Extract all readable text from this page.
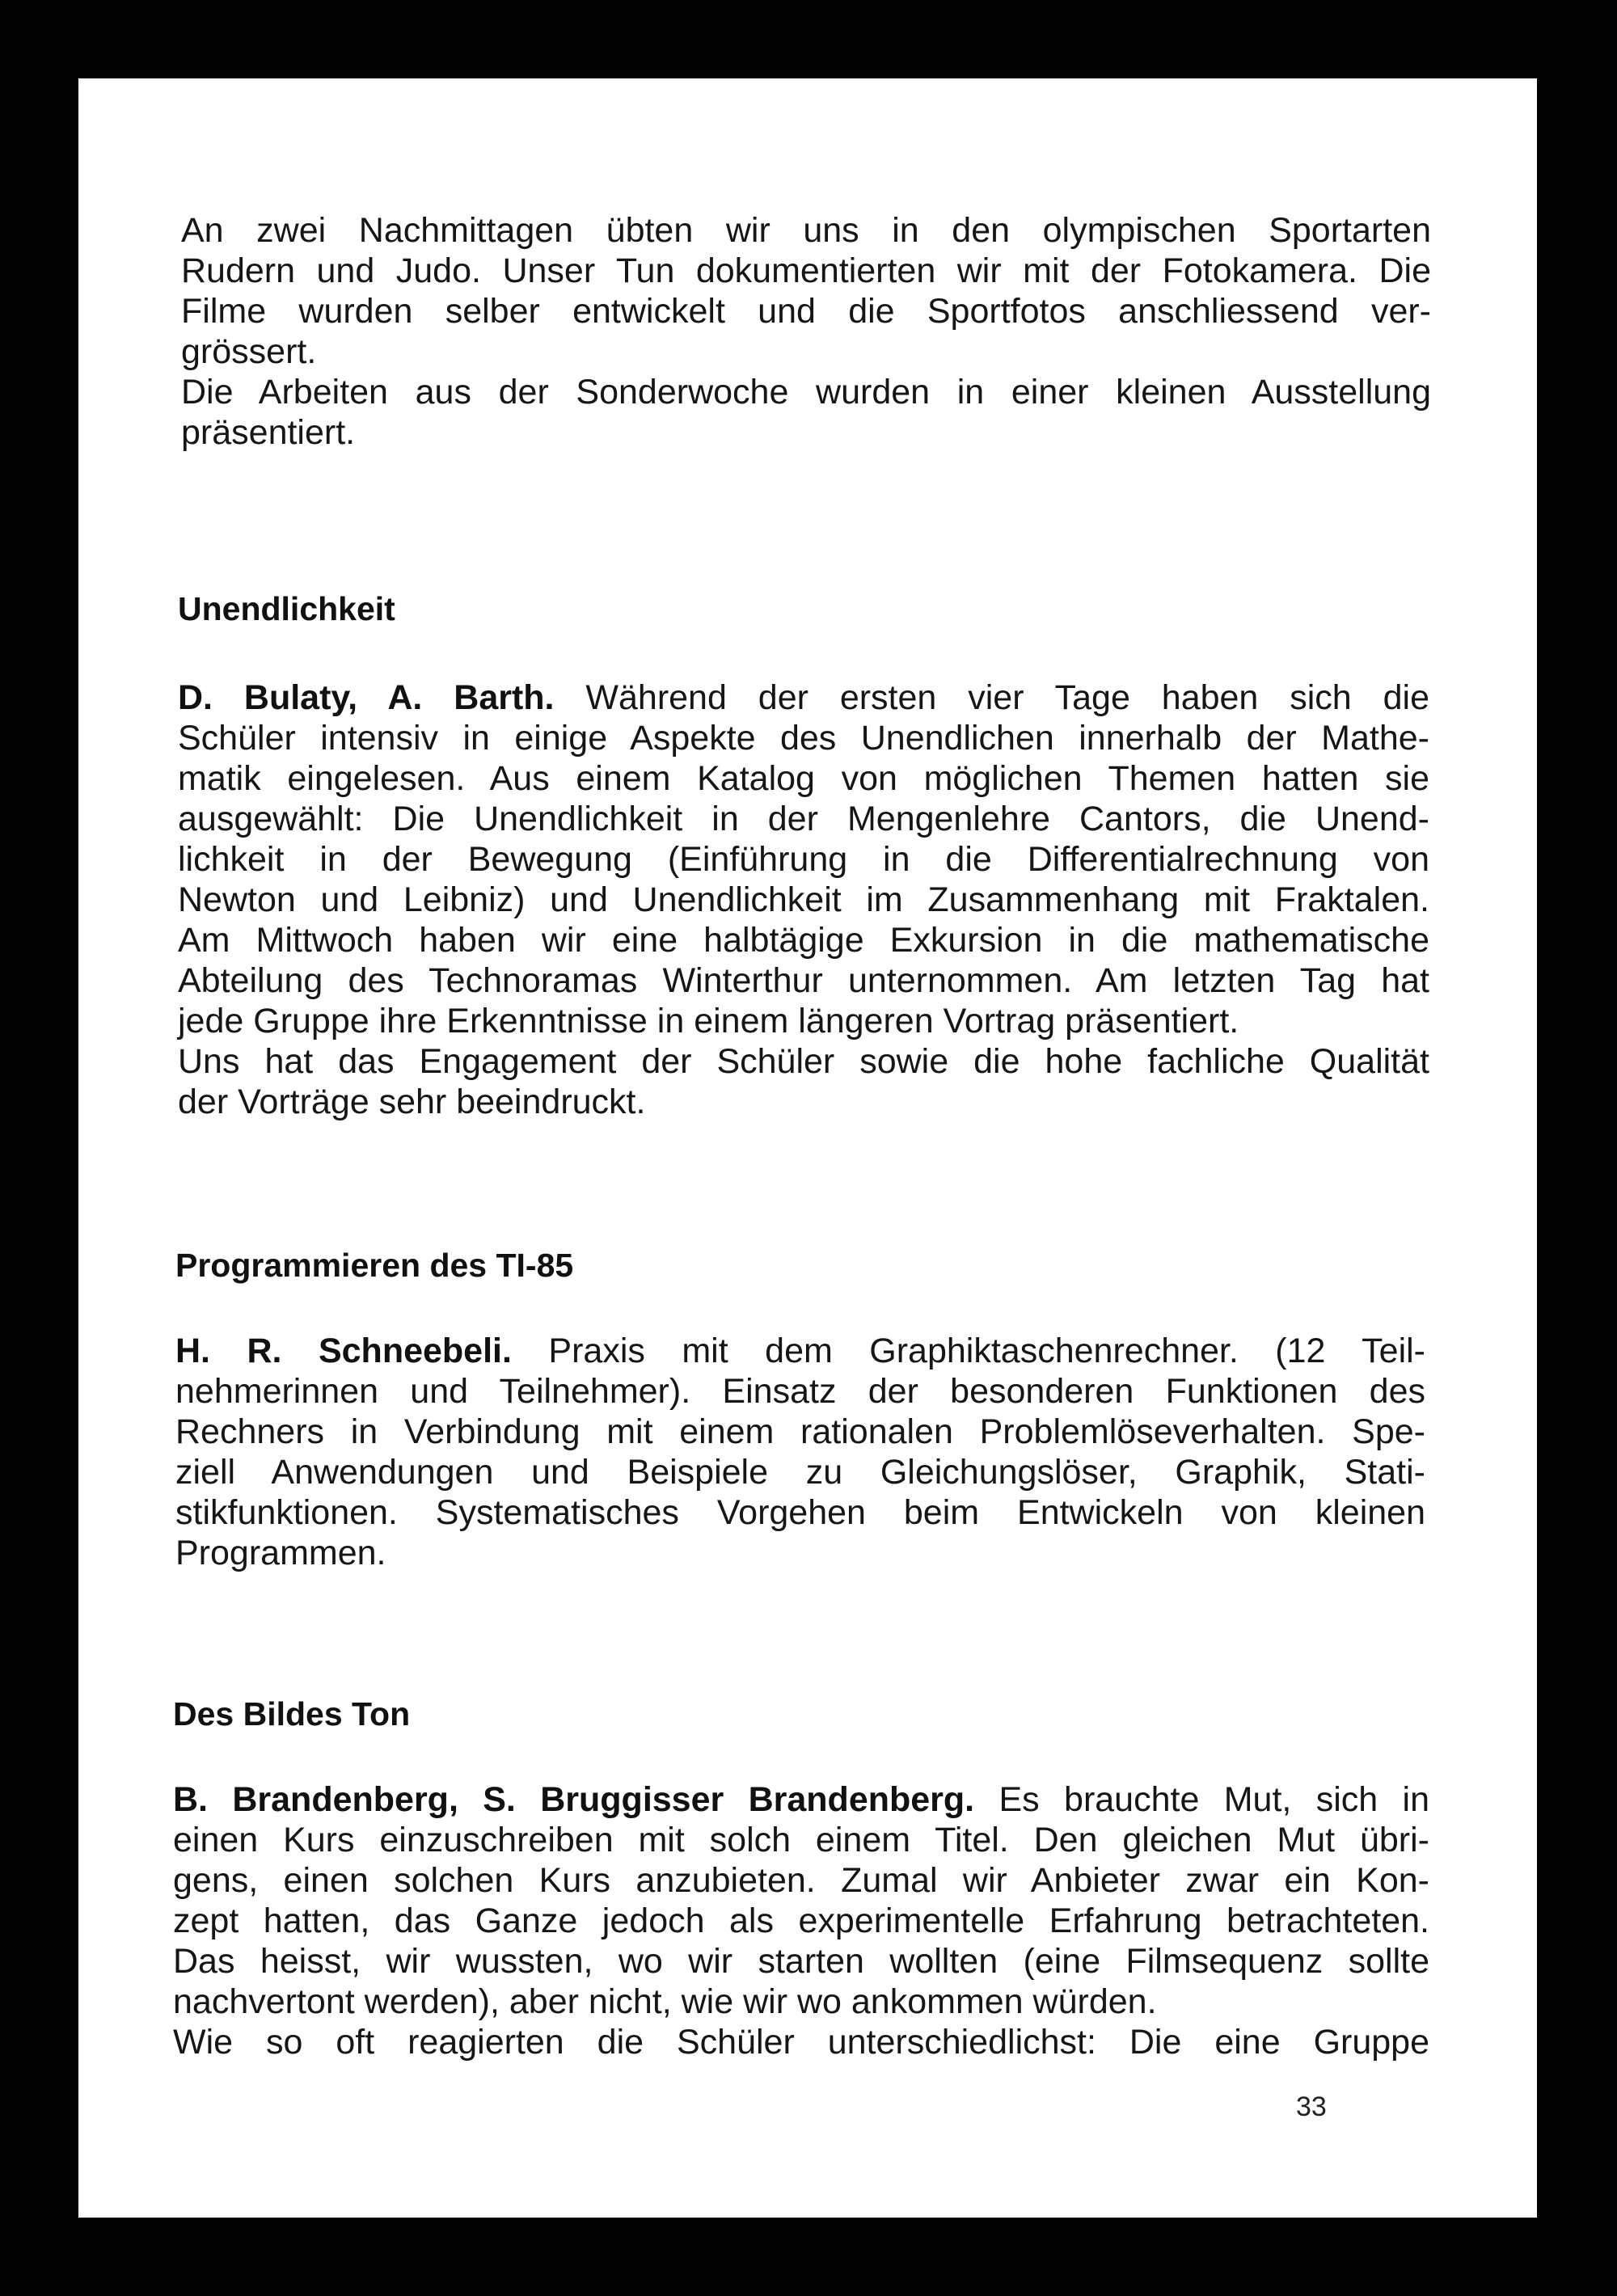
An zwei Nachmittagen übten wir uns in den olympischen Sportarten
Rudern und Judo. Unser Tun dokumentierten wir mit der Fotokamera. Die
Filme wurden selber entwickelt und die Sportfotos anschliessend ver-
grössert.
Die Arbeiten aus der Sonderwoche wurden in einer kleinen Ausstellung
präsentiert.
Unendlichkeit
D. Bulaty, A. Barth. Während der ersten vier Tage haben sich die
Schüler intensiv in einige Aspekte des Unendlichen innerhalb der Mathe-
matik eingelesen. Aus einem Katalog von möglichen Themen hatten sie
ausgewählt: Die Unendlichkeit in der Mengenlehre Cantors, die Unend-
lichkeit in der Bewegung (Einführung in die Differentialrechnung von
Newton und Leibniz) und Unendlichkeit im Zusammenhang mit Fraktalen.
Am Mittwoch haben wir eine halbtägige Exkursion in die mathematische
Abteilung des Technoramas Winterthur unternommen. Am letzten Tag hat
jede Gruppe ihre Erkenntnisse in einem längeren Vortrag präsentiert.
Uns hat das Engagement der Schüler sowie die hohe fachliche Qualität
der Vorträge sehr beeindruckt.
Programmieren des TI-85
H. R. Schneebeli. Praxis mit dem Graphiktaschenrechner. (12 Teil-
nehmerinnen und Teilnehmer). Einsatz der besonderen Funktionen des
Rechners in Verbindung mit einem rationalen Problemlöseverhalten. Spe-
ziell Anwendungen und Beispiele zu Gleichungslöser, Graphik, Stati-
stikfunktionen. Systematisches Vorgehen beim Entwickeln von kleinen
Programmen.
Des Bildes Ton
B. Brandenberg, S. Bruggisser Brandenberg. Es brauchte Mut, sich in
einen Kurs einzuschreiben mit solch einem Titel. Den gleichen Mut übri-
gens, einen solchen Kurs anzubieten. Zumal wir Anbieter zwar ein Kon-
zept hatten, das Ganze jedoch als experimentelle Erfahrung betrachteten.
Das heisst, wir wussten, wo wir starten wollten (eine Filmsequenz sollte
nachvertont werden), aber nicht, wie wir wo ankommen würden.
Wie so oft reagierten die Schüler unterschiedlichst: Die eine Gruppe
33
